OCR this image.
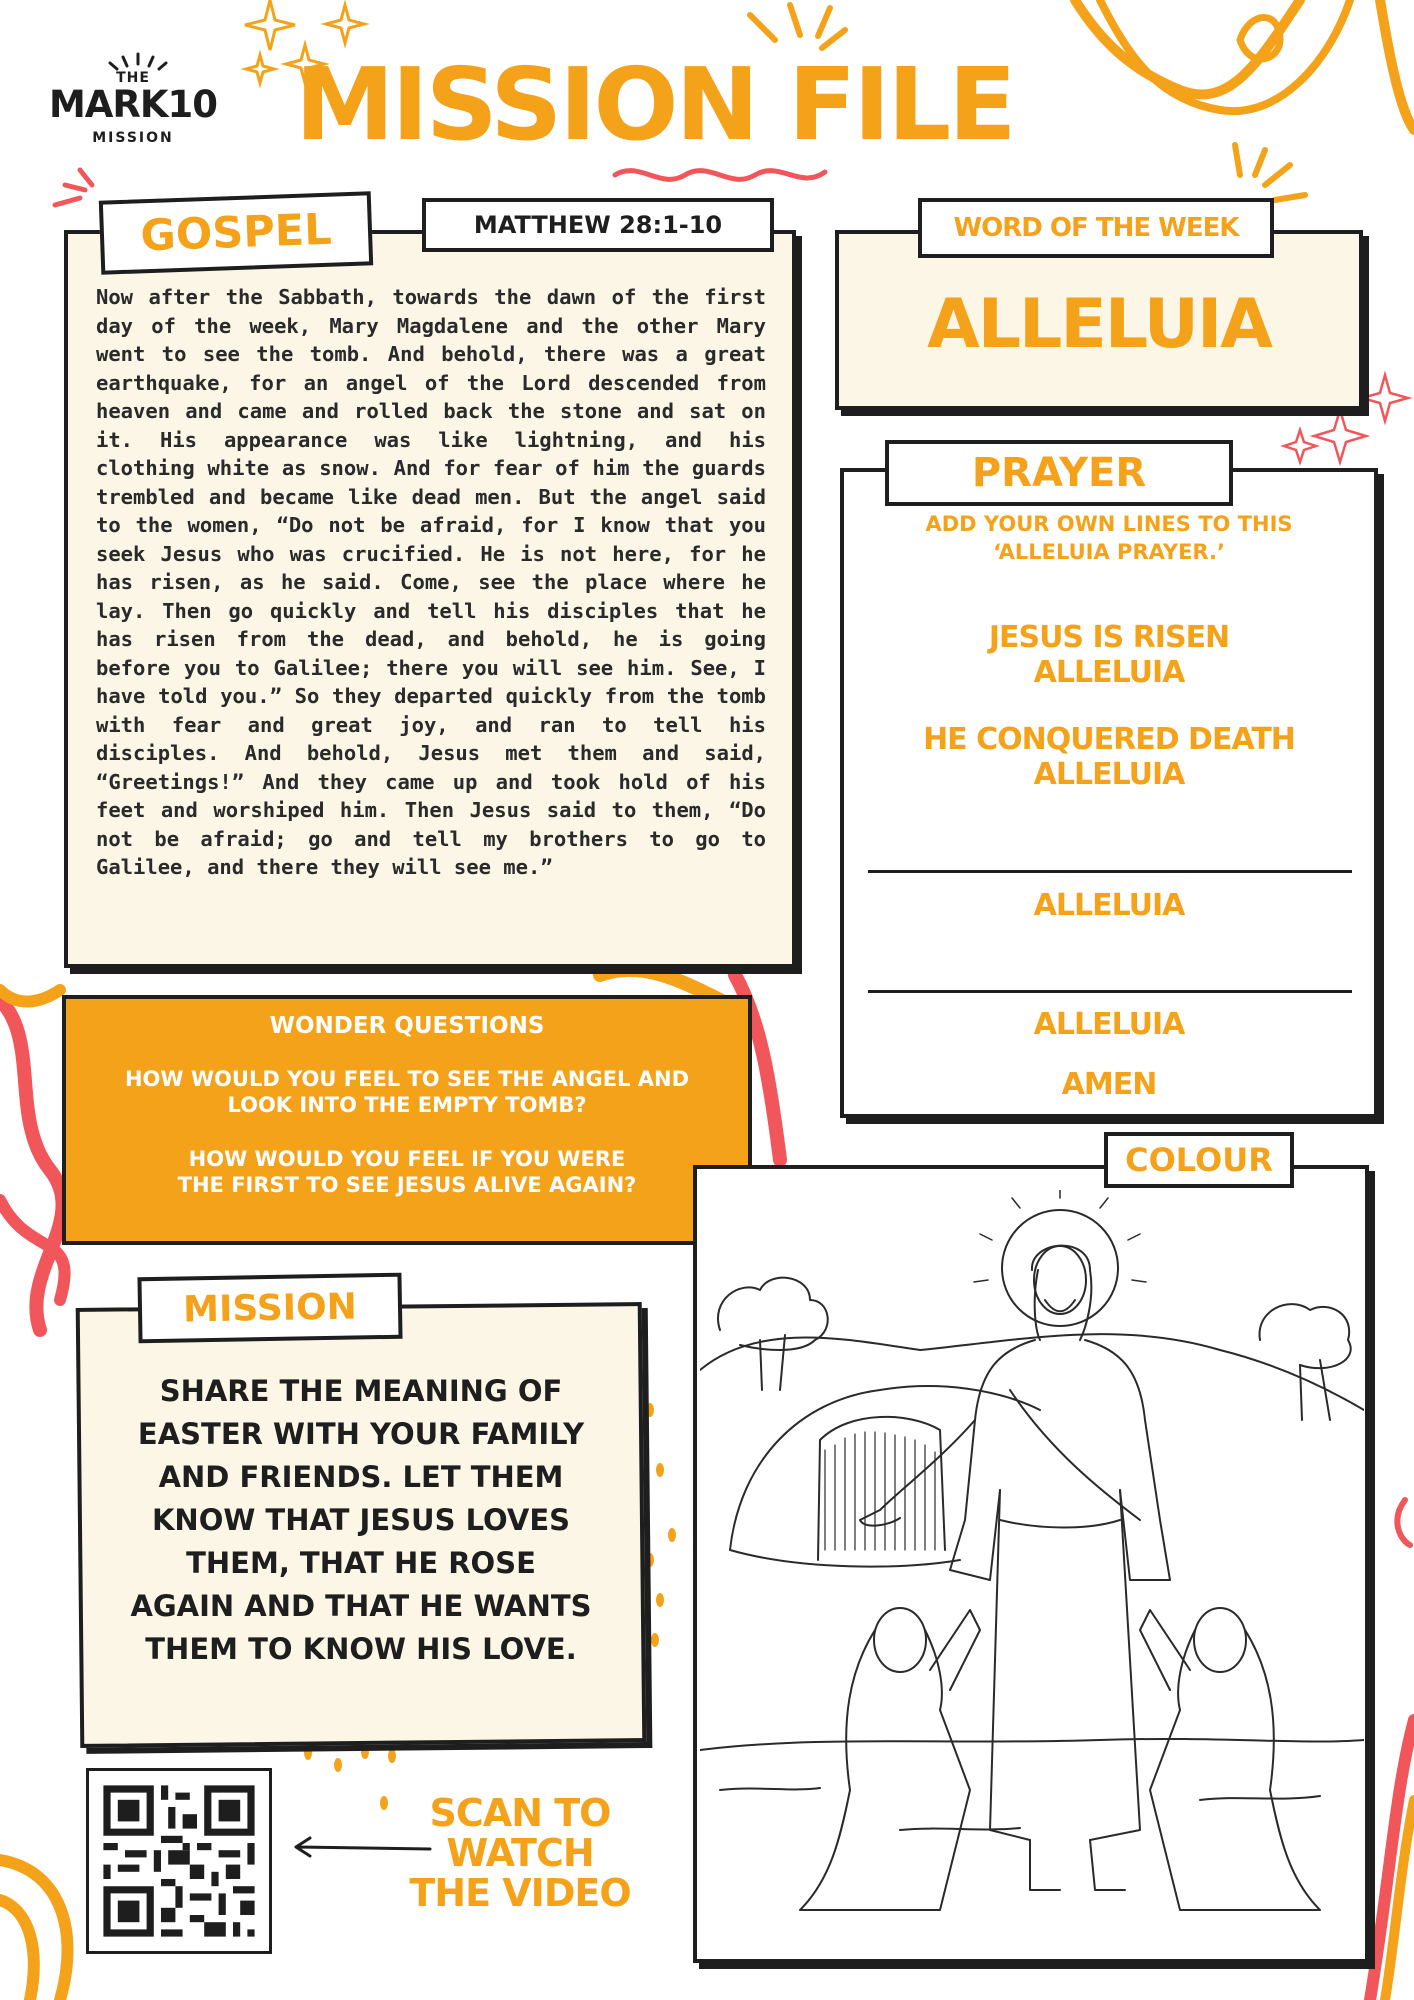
THE
MARK10
MISSION	MISSION FILE
GOSPEL	MATTHEW 28:1-10
Now after the Sabbath, towards the dawn of the first day of the week, Mary Magdalene and the other Mary went to see the tomb. And behold, there was a great earthquake, for an angel of the Lord descended from heaven and came and rolled back the stone and sat on it. His appearance was like lightning, and his clothing white as snow. And for fear of him the guards trembled and became like dead men. But the angel said to the women, “Do not be afraid, for I know that you seek Jesus who was crucified. He is not here, for he has risen, as he said. Come, see the place where he lay. Then go quickly and tell his disciples that he has risen from the dead, and behold, he is going before you to Galilee; there you will see him. See, I have told you.” So they departed quickly from the tomb with fear and great joy, and ran to tell his disciples. And behold, Jesus met them and said, “Greetings!” And they came up and took hold of his feet and worshiped him. Then Jesus said to them, “Do not be afraid; go and tell my brothers to go to Galilee, and there they will see me.”
WORD OF THE WEEK
ALLELUIA
PRAYER
ADD YOUR OWN LINES TO THIS
‘ALLELUIA PRAYER.’
JESUS IS RISEN
ALLELUIA
HE CONQUERED DEATH
ALLELUIA
ALLELUIA
ALLELUIA
AMEN
WONDER QUESTIONS
HOW WOULD YOU FEEL TO SEE THE ANGEL AND
LOOK INTO THE EMPTY TOMB?
HOW WOULD YOU FEEL IF YOU WERE
THE FIRST TO SEE JESUS ALIVE AGAIN?
MISSION
SHARE THE MEANING OF
EASTER WITH YOUR FAMILY
AND FRIENDS. LET THEM
KNOW THAT JESUS LOVES
THEM, THAT HE ROSE
AGAIN AND THAT HE WANTS
THEM TO KNOW HIS LOVE.
SCAN TO
WATCH
THE VIDEO
COLOUR
